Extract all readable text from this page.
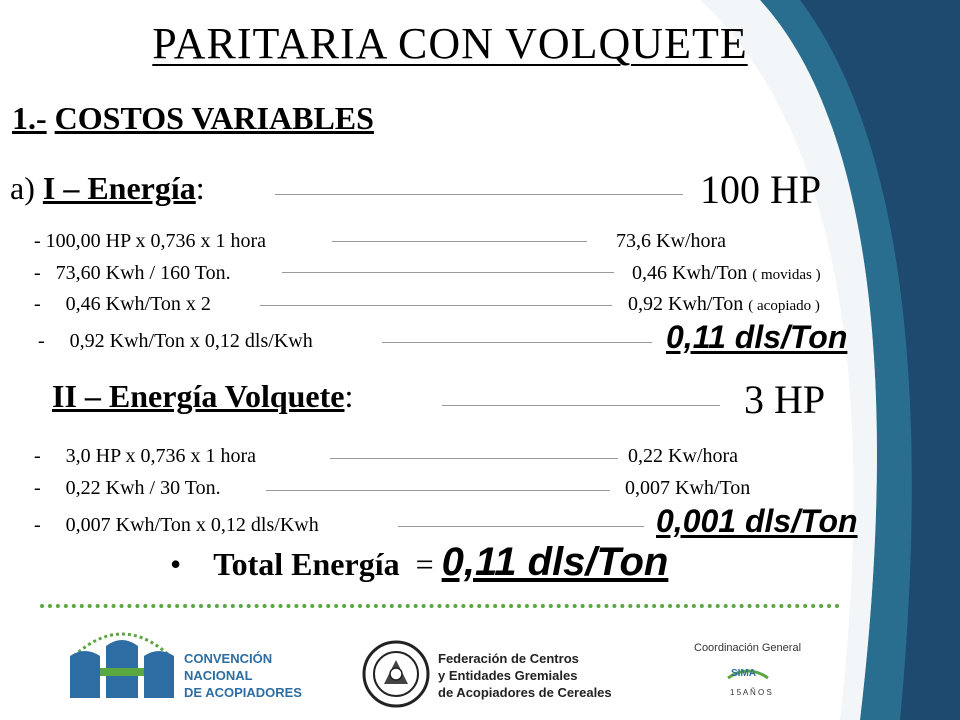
PARITARIA CON VOLQUETE
1.- COSTOS VARIABLES
a) I – Energía:	100 HP
- 100,00 HP x 0,736 x 1 hora	73,6 Kw/hora
- 73,60 Kwh / 160 Ton.	0,46 Kwh/Ton ( movidas )
- 0,46 Kwh/Ton x 2	0,92 Kwh/Ton ( acopiado )
- 0,92 Kwh/Ton x 0,12 dls/Kwh	0,11 dls/Ton
II – Energía Volquete:	3 HP
- 3,0 HP x 0,736 x 1 hora	0,22 Kw/hora
- 0,22 Kwh / 30 Ton.	0,007 Kwh/Ton
- 0,007 Kwh/Ton x 0,12 dls/Kwh	0,001 dls/Ton
• Total Energía = 0,11 dls/Ton
CONVENCIÓN
NACIONAL
DE ACOPIADORES
Federación de Centros
y Entidades Gremiales
de Acopiadores de Cereales
Coordinación General
SIMA
1 5 A Ñ O S
